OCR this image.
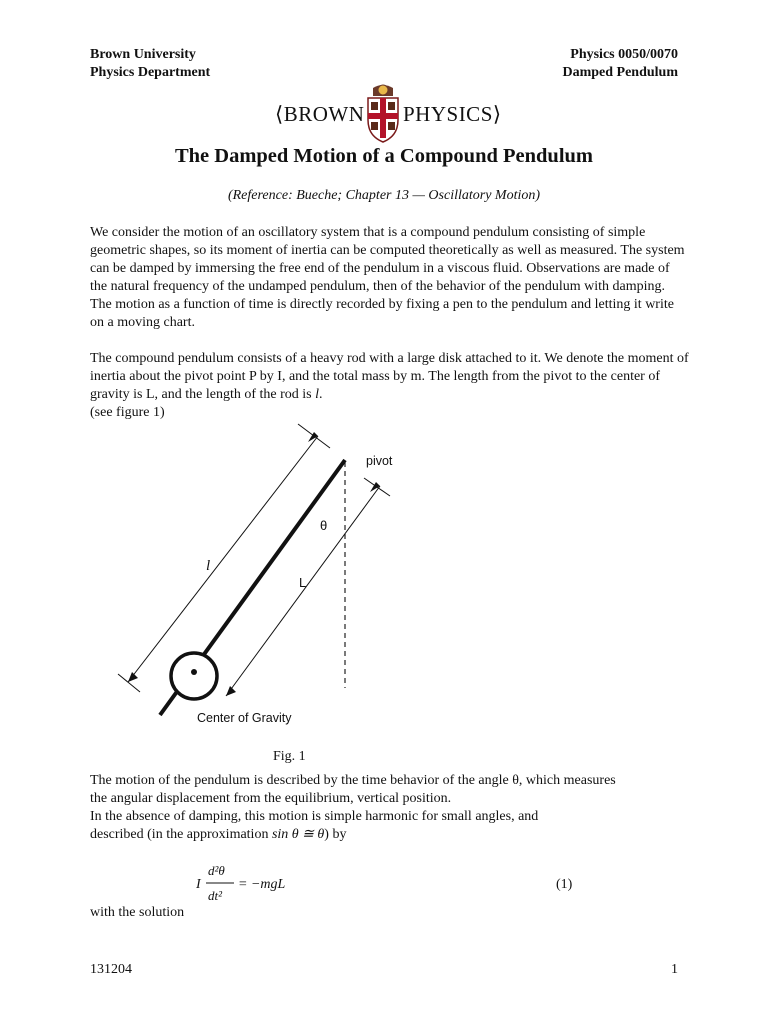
Brown University
Physics Department
Physics 0050/0070
Damped Pendulum
⟨BROWN PHYSICS⟩
The Damped Motion of a Compound Pendulum
(Reference: Bueche; Chapter 13 — Oscillatory Motion)
We consider the motion of an oscillatory system that is a compound pendulum consisting of simple geometric shapes, so its moment of inertia can be computed theoretically as well as measured. The system can be damped by immersing the free end of the pendulum in a viscous fluid. Observations are made of the natural frequency of the undamped pendulum, then of the behavior of the pendulum with damping. The motion as a function of time is directly recorded by fixing a pen to the pendulum and letting it write on a moving chart.
The compound pendulum consists of a heavy rod with a large disk attached to it. We denote the moment of inertia about the pivot point P by I, and the total mass by m. The length from the pivot to the center of gravity is L, and the length of the rod is l.
(see figure 1)
pivot
θ
L
l
Center of Gravity
Fig. 1
The motion of the pendulum is described by the time behavior of the angle θ, which measures
the angular displacement from the equilibrium, vertical position.
In the absence of damping, this motion is simple harmonic for small angles, and
described (in the approximation sin θ ≅ θ) by
I
d²θ
dt²
= −mgL	(1)
with the solution
131204	1
